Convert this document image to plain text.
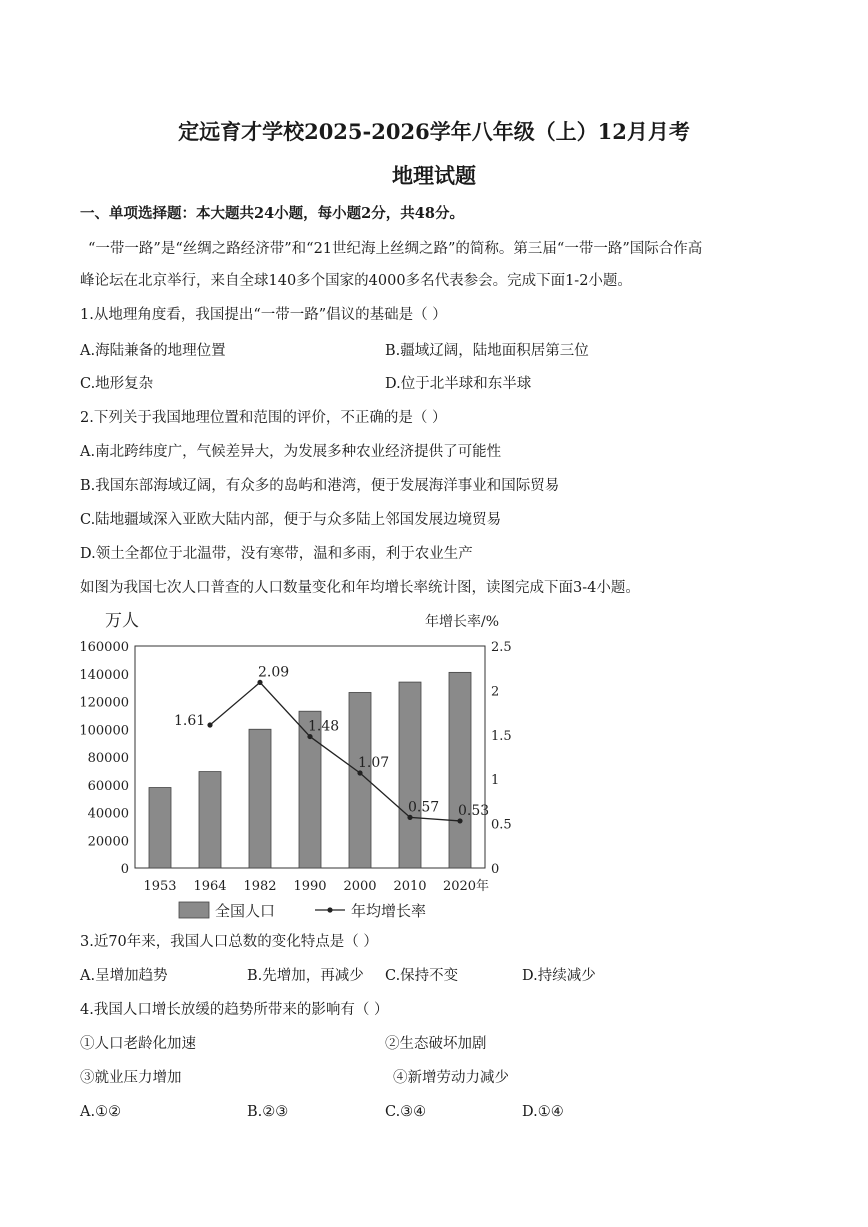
定远育才学校2025-2026学年八年级（上）12月月考
地理试题
一、单项选择题：本大题共24小题，每小题2分，共48分。
“一带一路”是“丝绸之路经济带”和“21世纪海上丝绸之路”的简称。第三届“一带一路”国际合作高
峰论坛在北京举行，来自全球140多个国家的4000多名代表参会。完成下面1-2小题。
1.从地理角度看，我国提出“一带一路”倡议的基础是（ ）
A.海陆兼备的地理位置	B.疆域辽阔，陆地面积居第三位
C.地形复杂	D.位于北半球和东半球
2.下列关于我国地理位置和范围的评价，不正确的是（ ）
A.南北跨纬度广，气候差异大，为发展多种农业经济提供了可能性
B.我国东部海域辽阔，有众多的岛屿和港湾，便于发展海洋事业和国际贸易
C.陆地疆域深入亚欧大陆内部，便于与众多陆上邻国发展边境贸易
D.领土全都位于北温带，没有寒带，温和多雨，利于农业生产
如图为我国七次人口普查的人口数量变化和年均增长率统计图，读图完成下面3-4小题。
万人	年增长率/%
160000
140000
120000
100000
80000
60000
40000
20000
0
2.5
2
1.5
1
0.5
0
1953 1964 1982 1990 2000 2010 2020年
1.61
2.09
1.48
1.07
0.57 0.53
全国人口	年均增长率
3.近70年来，我国人口总数的变化特点是（ ）
A.呈增加趋势	B.先增加，再减少 C.保持不变	D.持续减少
4.我国人口增长放缓的趋势所带来的影响有（ ）
①人口老龄化加速	②生态破坏加剧
③就业压力增加	④新增劳动力减少
A.①②	B.②③	C.③④	D.①④
